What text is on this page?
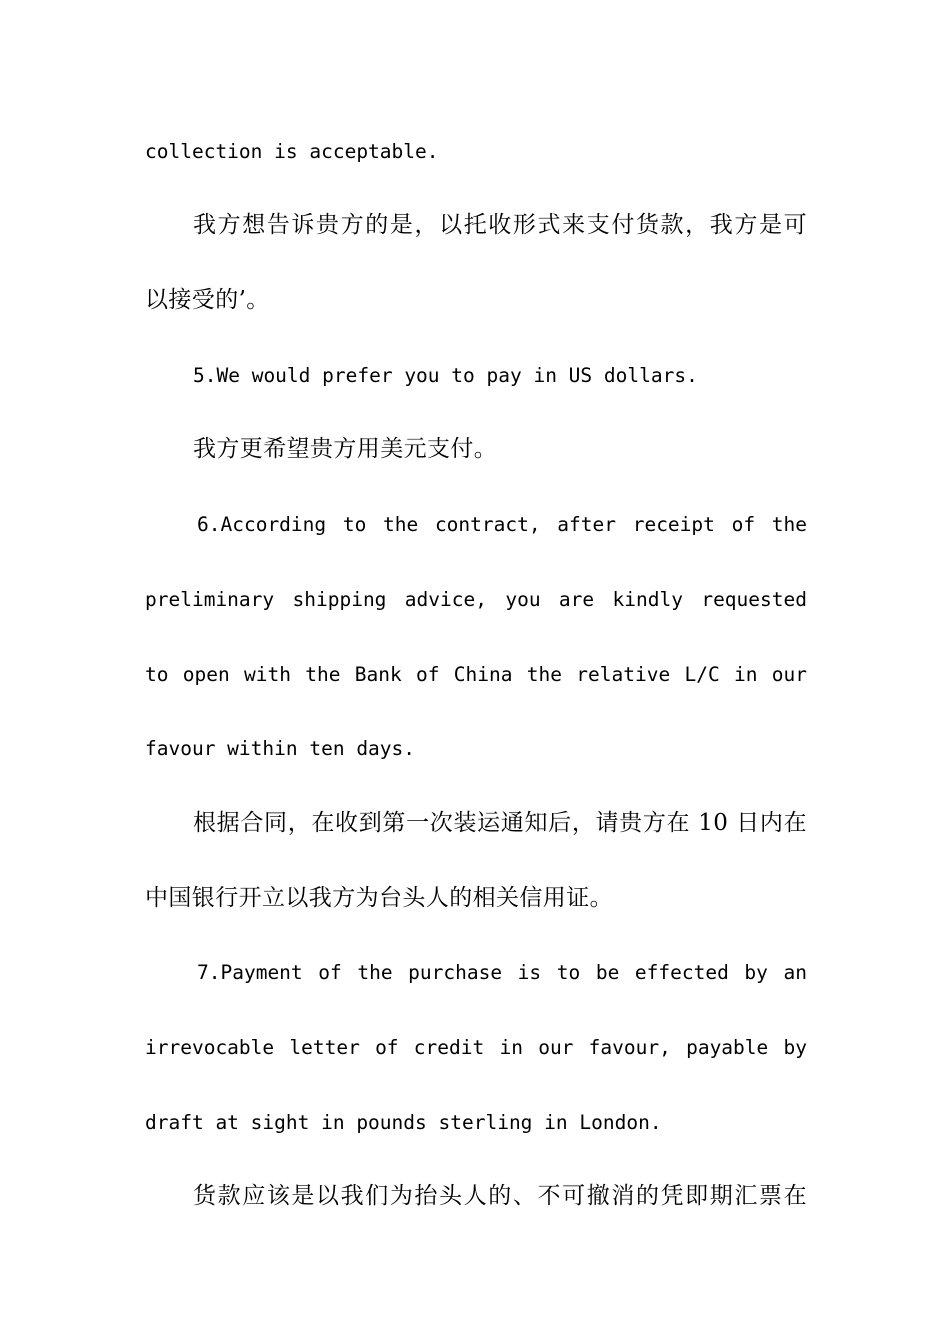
collection is acceptable.
我方想告诉贵方的是，以托收形式来支付货款，我方是可
以接受的’。
5.We would prefer you to pay in US dollars.
我方更希望贵方用美元支付。
6.According to the contract, after receipt of the
preliminary shipping advice, you are kindly requested
to open with the Bank of China the relative L/C in our
favour within ten days.
根据合同，在收到第一次装运通知后，请贵方在 10 日内在
中国银行开立以我方为台头人的相关信用证。
7.Payment of the purchase is to be effected by an
irrevocable letter of credit in our favour, payable by
draft at sight in pounds sterling in London.
货款应该是以我们为抬头人的、不可撤消的凭即期汇票在
